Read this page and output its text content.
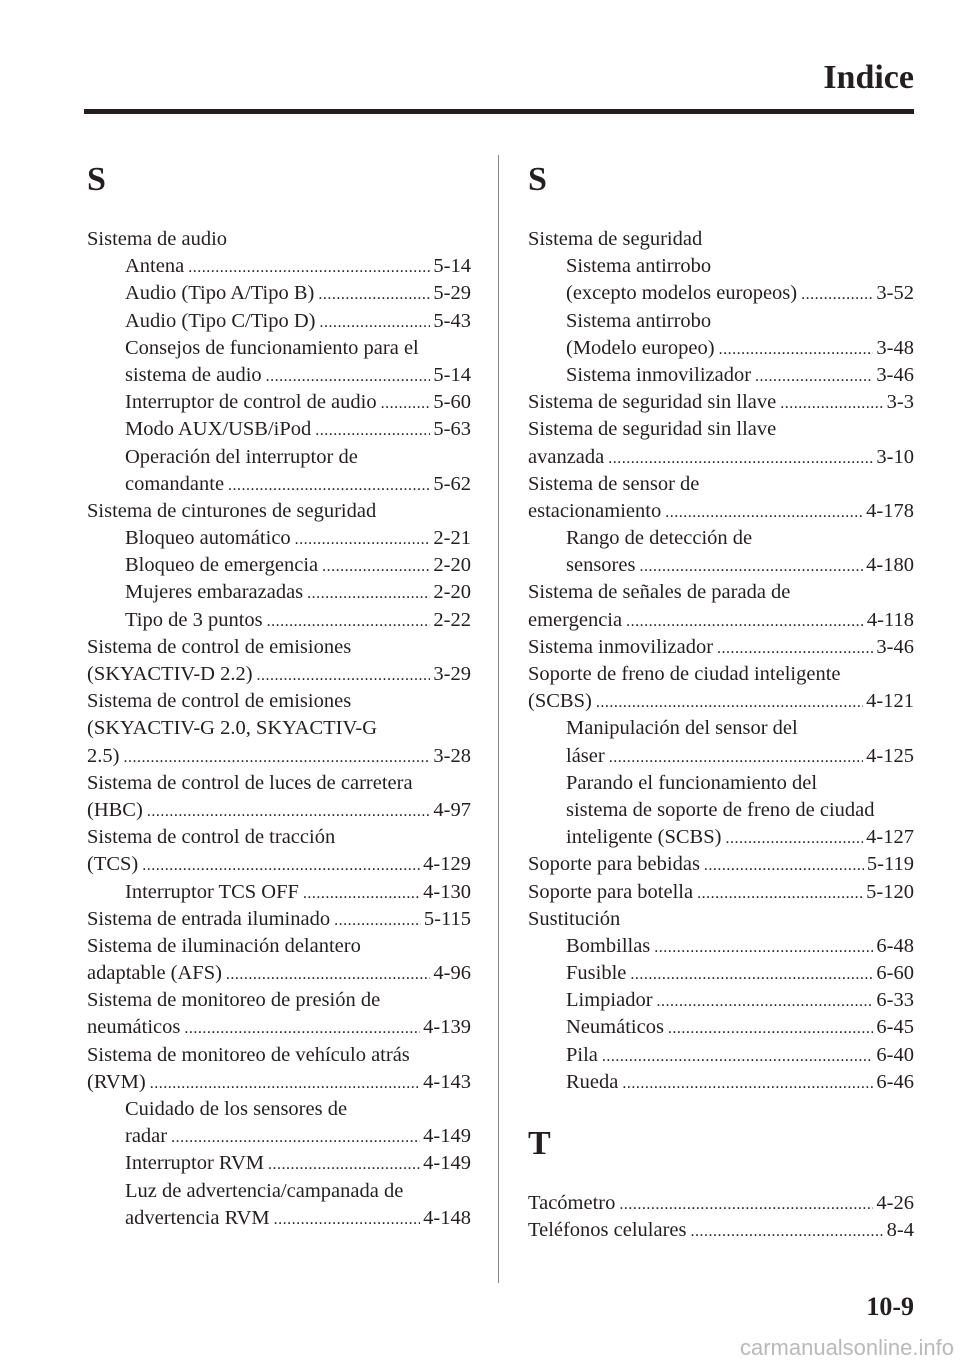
Indice
S
Sistema de audio
Antena .....	5-14
Audio (Tipo A/Tipo B) .....	5-29
Audio (Tipo C/Tipo D) .....	5-43
Consejos de funcionamiento para el
sistema de audio .....	5-14
Interruptor de control de audio .....	5-60
Modo AUX/USB/iPod .....	5-63
Operación del interruptor de
comandante .....	5-62
Sistema de cinturones de seguridad
Bloqueo automático .....	2-21
Bloqueo de emergencia .....	2-20
Mujeres embarazadas .....	2-20
Tipo de 3 puntos .....	2-22
Sistema de control de emisiones
(SKYACTIV-D 2.2) .....	3-29
Sistema de control de emisiones
(SKYACTIV-G 2.0, SKYACTIV-G
2.5) .....	3-28
Sistema de control de luces de carretera
(HBC) .....	4-97
Sistema de control de tracción
(TCS) .....	4-129
Interruptor TCS OFF .....	4-130
Sistema de entrada iluminado .....	5-115
Sistema de iluminación delantero
adaptable (AFS) .....	4-96
Sistema de monitoreo de presión de
neumáticos .....	4-139
Sistema de monitoreo de vehículo atrás
(RVM) .....	4-143
Cuidado de los sensores de
radar .....	4-149
Interruptor RVM .....	4-149
Luz de advertencia/campanada de
advertencia RVM .....	4-148
S
Sistema de seguridad
Sistema antirrobo
(excepto modelos europeos) .....	3-52
Sistema antirrobo
(Modelo europeo) .....	3-48
Sistema inmovilizador .....	3-46
Sistema de seguridad sin llave .....	3-3
Sistema de seguridad sin llave
avanzada .....	3-10
Sistema de sensor de
estacionamiento .....	4-178
Rango de detección de
sensores .....	4-180
Sistema de señales de parada de
emergencia .....	4-118
Sistema inmovilizador .....	3-46
Soporte de freno de ciudad inteligente
(SCBS) .....	4-121
Manipulación del sensor del
láser .....	4-125
Parando el funcionamiento del
sistema de soporte de freno de ciudad
inteligente (SCBS) .....	4-127
Soporte para bebidas .....	5-119
Soporte para botella .....	5-120
Sustitución
Bombillas .....	6-48
Fusible .....	6-60
Limpiador .....	6-33
Neumáticos .....	6-45
Pila .....	6-40
Rueda .....	6-46
T
Tacómetro .....	4-26
Teléfonos celulares .....	8-4
10-9
carmanualsonline.info
